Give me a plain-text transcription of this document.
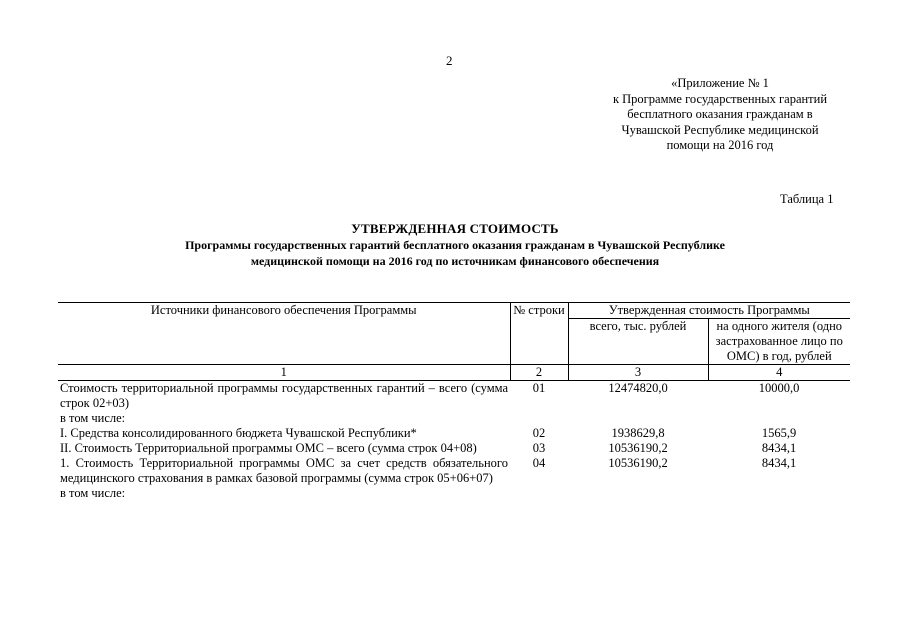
2
«Приложение № 1
к Программе государственных гарантий
бесплатного оказания гражданам в
Чувашской Республике медицинской
помощи на 2016 год
Таблица 1
УТВЕРЖДЕННАЯ СТОИМОСТЬ
Программы государственных гарантий бесплатного оказания гражданам в Чувашской Республике
медицинской помощи на 2016 год по источникам финансового обеспечения
Источники финансового обеспечения Программы	№ строки	Утвержденная стоимость Программы	
		всего, тыс. рублей	на одного жителя (одно застрахованное лицо по ОМС) в год, рублей
1	2	3	4
Стоимость территориальной программы государственных гарантий – всего (сумма строк 02+03)	01	12474820,0	10000,0
в том числе:			
I. Средства консолидированного бюджета Чувашской Республики*	02	1938629,8	1565,9
II. Стоимость Территориальной программы ОМС – всего (сумма строк 04+08)	03	10536190,2	8434,1
1. Стоимость Территориальной программы ОМС за счет средств обязательного медицинского страхования в рамках базовой программы (сумма строк 05+06+07)	04	10536190,2	8434,1
в том числе:			
